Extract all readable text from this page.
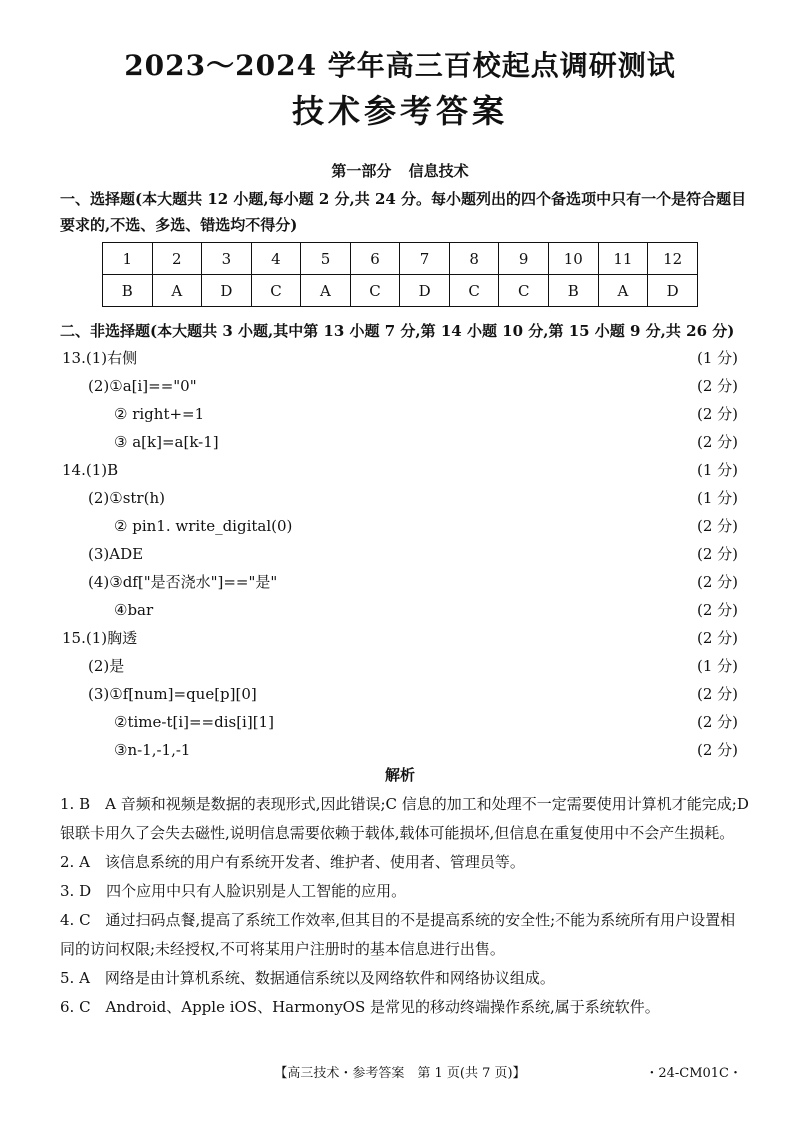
2023～2024 学年高三百校起点调研测试
技术参考答案
第一部分 信息技术
一、选择题(本大题共 12 小题,每小题 2 分,共 24 分。每小题列出的四个备选项中只有一个是符合题目要求的,不选、多选、错选均不得分)
1	2	3	4	5	6	7	8	9	10	11	12
B	A	D	C	A	C	D	C	C	B	A	D
二、非选择题(本大题共 3 小题,其中第 13 小题 7 分,第 14 小题 10 分,第 15 小题 9 分,共 26 分)
13.(1)右侧	(1 分)
(2)①a[i]=="0"	(2 分)
② right+=1	(2 分)
③ a[k]=a[k-1]	(2 分)
14.(1)B	(1 分)
(2)①str(h)	(1 分)
② pin1. write_digital(0)	(2 分)
(3)ADE	(2 分)
(4)③df["是否浇水"]=="是"	(2 分)
④bar	(2 分)
15.(1)胸透	(2 分)
(2)是	(1 分)
(3)①f[num]=que[p][0]	(2 分)
②time-t[i]==dis[i][1]	(2 分)
③n-1,-1,-1	(2 分)
解析

1. B　A 音频和视频是数据的表现形式,因此错误;C 信息的加工和处理不一定需要使用计算机才能完成;D 银联卡用久了会失去磁性,说明信息需要依赖于载体,载体可能损坏,但信息在重复使用中不会产生损耗。

2. A　该信息系统的用户有系统开发者、维护者、使用者、管理员等。

3. D　四个应用中只有人脸识别是人工智能的应用。

4. C　通过扫码点餐,提高了系统工作效率,但其目的不是提高系统的安全性;不能为系统所有用户设置相同的访问权限;未经授权,不可将某用户注册时的基本信息进行出售。

5. A　网络是由计算机系统、数据通信系统以及网络软件和网络协议组成。

6. C　Android、Apple iOS、HarmonyOS 是常见的移动终端操作系统,属于系统软件。

【高三技术・参考答案　第 1 页(共 7 页)】	・24-CM01C・
